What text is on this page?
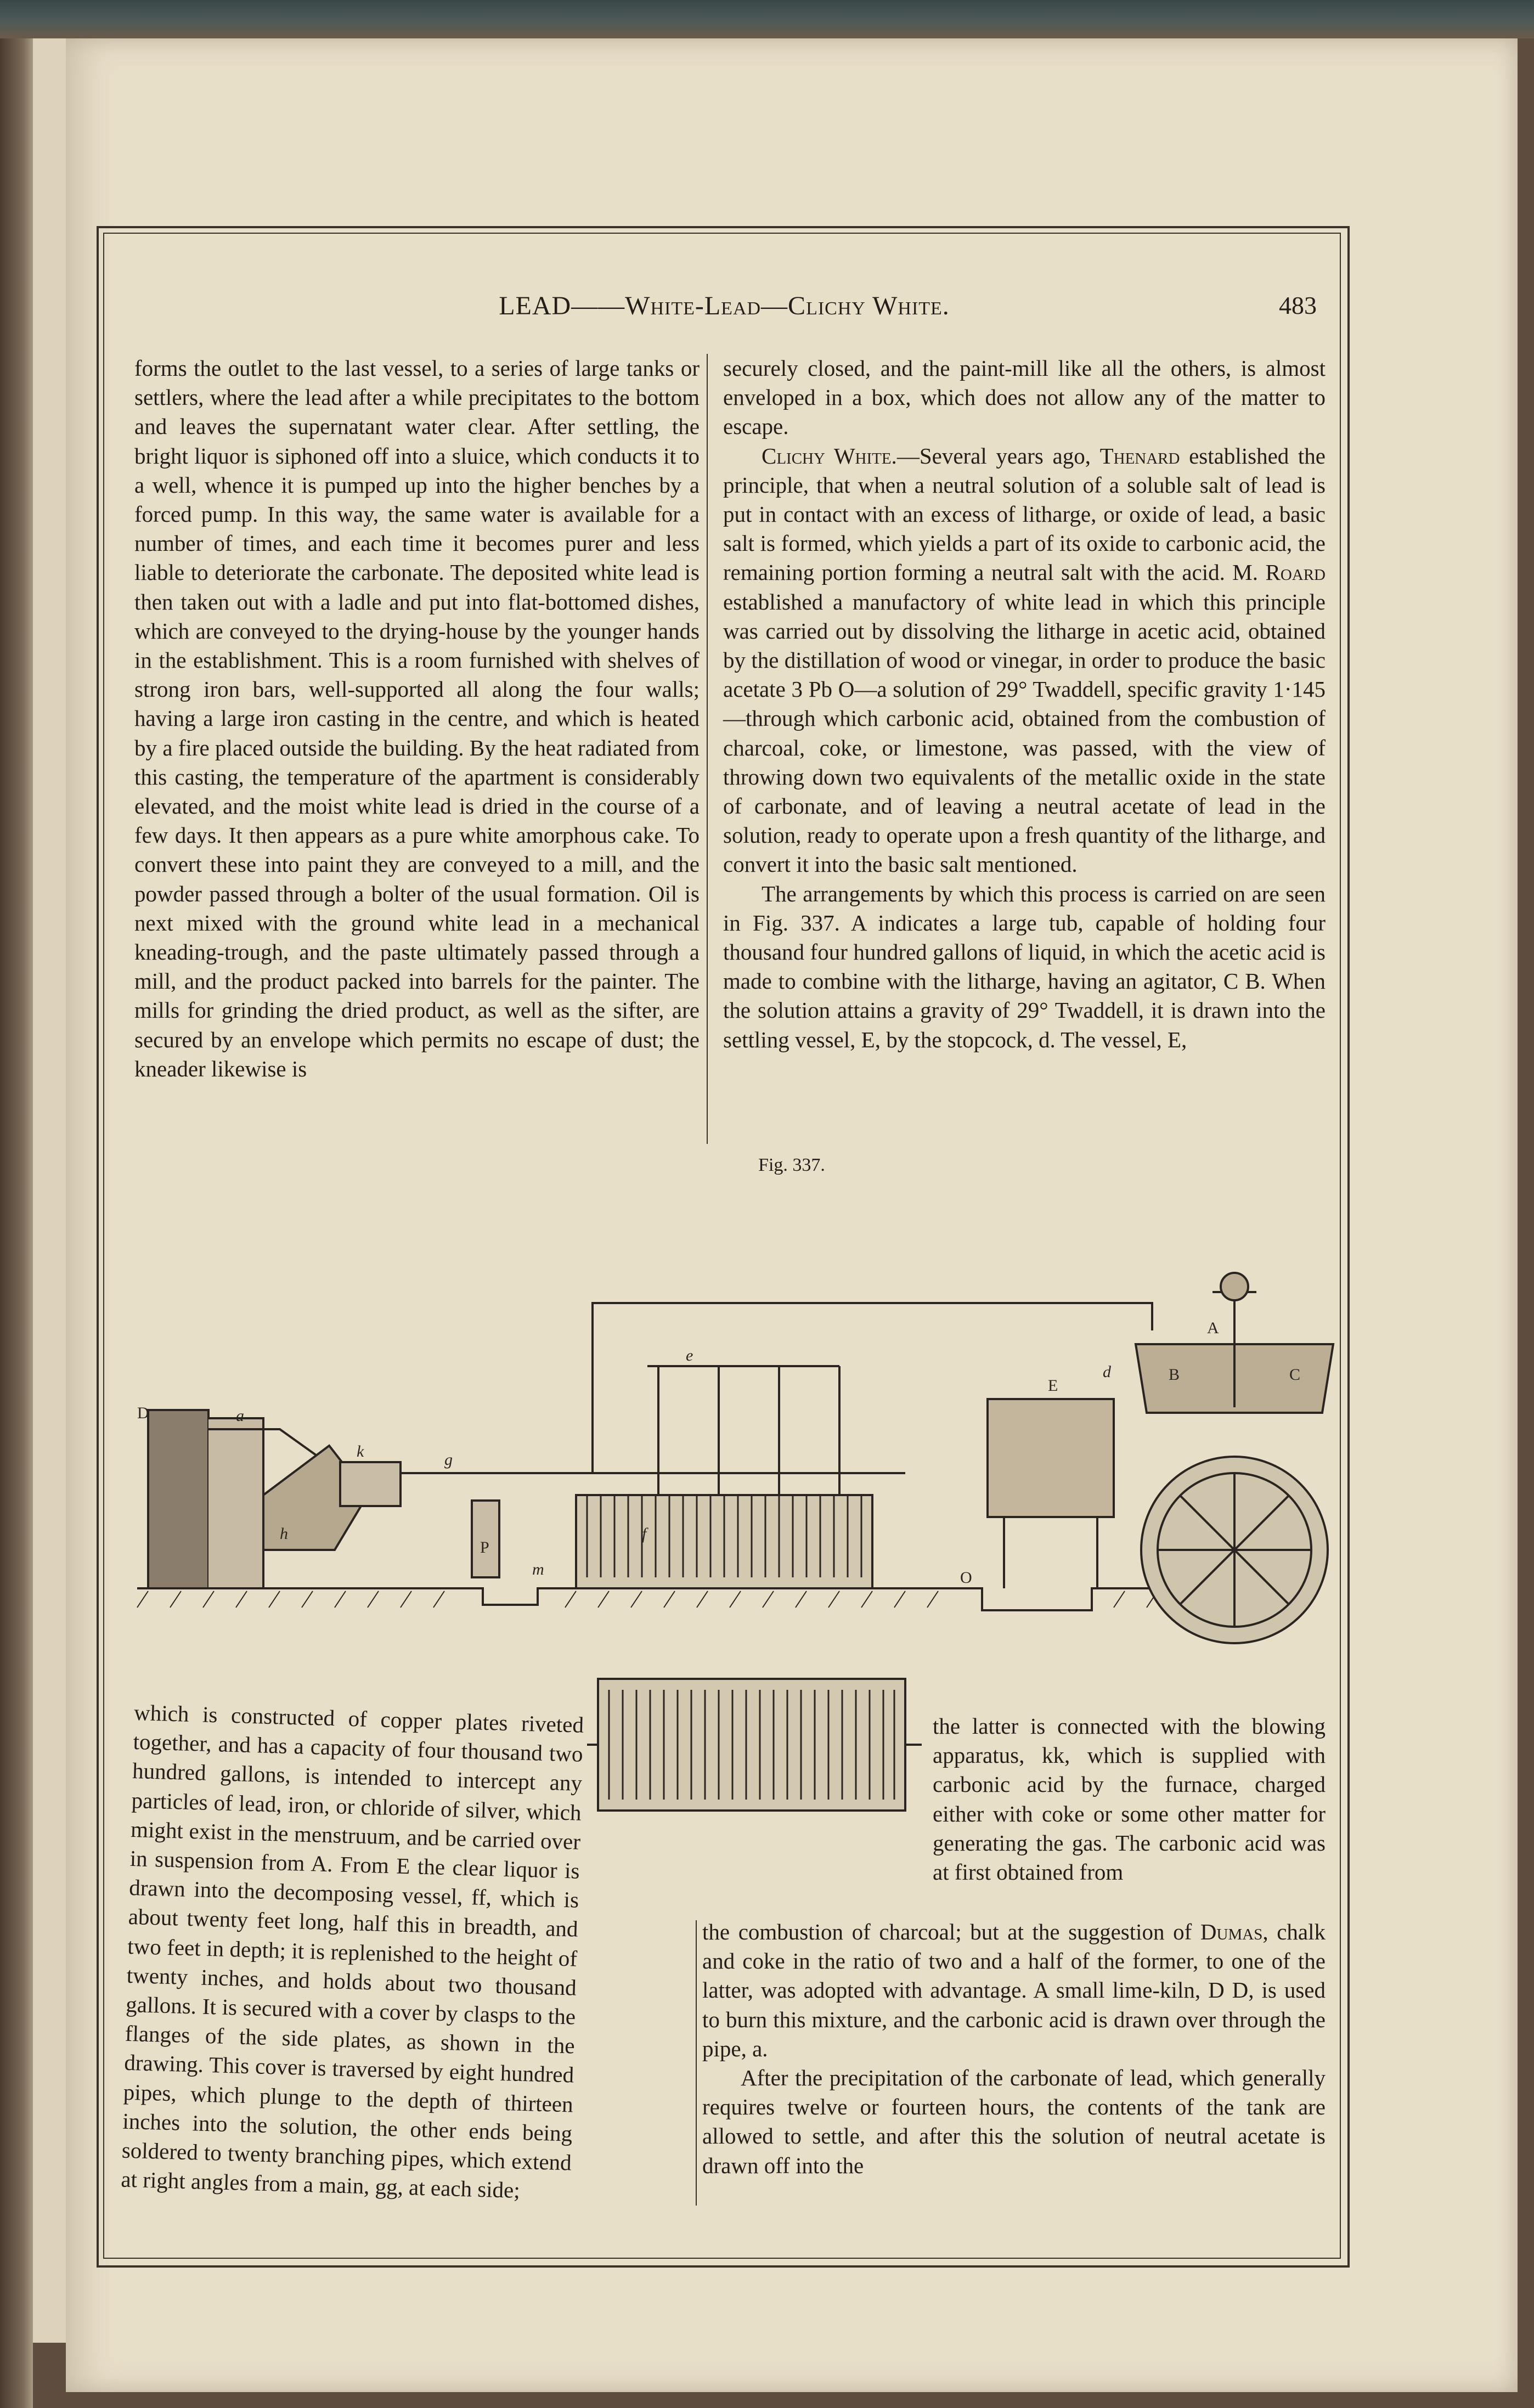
LEAD——White-Lead—Clichy White.	483

forms the outlet to the last vessel, to a series of large tanks or settlers, where the lead after a while precipitates to the bottom and leaves the supernatant water clear. After settling, the bright liquor is siphoned off into a sluice, which conducts it to a well, whence it is pumped up into the higher benches by a forced pump. In this way, the same water is available for a number of times, and each time it becomes purer and less liable to deteriorate the carbonate. The deposited white lead is then taken out with a ladle and put into flat-bottomed dishes, which are conveyed to the drying-house by the younger hands in the establishment. This is a room furnished with shelves of strong iron bars, well-supported all along the four walls; having a large iron casting in the centre, and which is heated by a fire placed outside the building. By the heat radiated from this casting, the temperature of the apartment is considerably elevated, and the moist white lead is dried in the course of a few days. It then appears as a pure white amorphous cake. To convert these into paint they are conveyed to a mill, and the powder passed through a bolter of the usual formation. Oil is next mixed with the ground white lead in a mechanical kneading-trough, and the paste ultimately passed through a mill, and the product packed into barrels for the painter. The mills for grinding the dried product, as well as the sifter, are secured by an envelope which permits no escape of dust; the kneader likewise is

securely closed, and the paint-mill like all the others, is almost enveloped in a box, which does not allow any of the matter to escape.

Clichy White.—Several years ago, Thenard established the principle, that when a neutral solution of a soluble salt of lead is put in contact with an excess of litharge, or oxide of lead, a basic salt is formed, which yields a part of its oxide to carbonic acid, the remaining portion forming a neutral salt with the acid. M. Roard established a manufactory of white lead in which this principle was carried out by dissolving the litharge in acetic acid, obtained by the distillation of wood or vinegar, in order to produce the basic acetate 3 Pb O—a solution of 29° Twaddell, specific gravity 1·145—through which carbonic acid, obtained from the combustion of charcoal, coke, or limestone, was passed, with the view of throwing down two equivalents of the metallic oxide in the state of carbonate, and of leaving a neutral acetate of lead in the solution, ready to operate upon a fresh quantity of the litharge, and convert it into the basic salt mentioned.

The arrangements by which this process is carried on are seen in Fig. 337. A indicates a large tub, capable of holding four thousand four hundred gallons of liquid, in which the acetic acid is made to combine with the litharge, having an agitator, C B. When the solution attains a gravity of 29° Twaddell, it is drawn into the settling vessel, E, by the stopcock, d. The vessel, E,

Fig. 337.
D	a
h
k	g
P
m
e
f
O
E
d
A
B	C
which is constructed of copper plates riveted together, and has a capacity of four thousand two hundred gallons, is intended to intercept any particles of lead, iron, or chloride of silver, which might exist in the menstruum, and be carried over in suspension from A. From E the clear liquor is drawn into the decomposing vessel, ff, which is about twenty feet long, half this in breadth, and two feet in depth; it is replenished to the height of twenty inches, and holds about two thousand gallons. It is secured with a cover by clasps to the flanges of the side plates, as shown in the drawing. This cover is traversed by eight hundred pipes, which plunge to the depth of thirteen inches into the solution, the other ends being soldered to twenty branching pipes, which extend at right angles from a main, gg, at each side;
the latter is connected with the blowing apparatus, kk, which is supplied with carbonic acid by the furnace, charged either with coke or some other matter for generating the gas. The carbonic acid was at first obtained from

the combustion of charcoal; but at the suggestion of Dumas, chalk and coke in the ratio of two and a half of the former, to one of the latter, was adopted with advantage. A small lime-kiln, D D, is used to burn this mixture, and the carbonic acid is drawn over through the pipe, a.

After the precipitation of the carbonate of lead, which generally requires twelve or fourteen hours, the contents of the tank are allowed to settle, and after this the solution of neutral acetate is drawn off into the
